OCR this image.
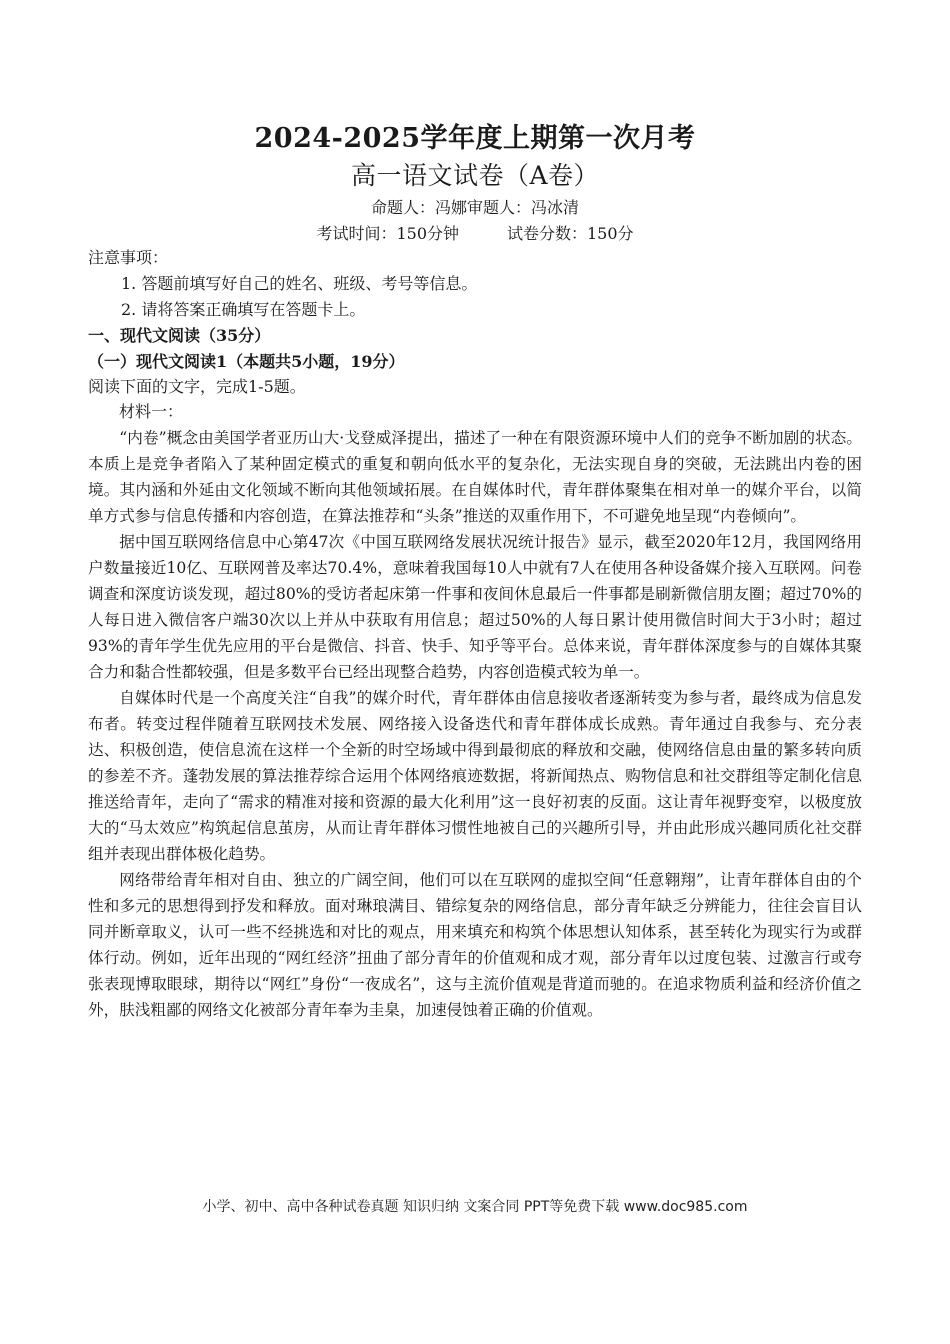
2024-2025学年度上期第一次月考
高一语文试卷（A卷）
命题人：冯娜审题人：冯冰清
考试时间：150分钟	试卷分数：150分
注意事项：
1. 答题前填写好自己的姓名、班级、考号等信息。
2. 请将答案正确填写在答题卡上。
一、现代文阅读（35分）
（一）现代文阅读1（本题共5小题，19分）
阅读下面的文字，完成1-5题。
材料一：

“内卷”概念由美国学者亚历山大·戈登威泽提出，描述了一种在有限资源环境中人们的竞争不断加剧的状态。本质上是竞争者陷入了某种固定模式的重复和朝向低水平的复杂化，无法实现自身的突破，无法跳出内卷的困境。其内涵和外延由文化领域不断向其他领域拓展。在自媒体时代，青年群体聚集在相对单一的媒介平台，以简单方式参与信息传播和内容创造，在算法推荐和“头条”推送的双重作用下，不可避免地呈现“内卷倾向”。

据中国互联网络信息中心第47次《中国互联网络发展状况统计报告》显示，截至2020年12月，我国网络用户数量接近10亿、互联网普及率达70.4%，意味着我国每10人中就有7人在使用各种设备媒介接入互联网。问卷调查和深度访谈发现，超过80%的受访者起床第一件事和夜间休息最后一件事都是刷新微信朋友圈；超过70%的人每日进入微信客户端30次以上并从中获取有用信息；超过50%的人每日累计使用微信时间大于3小时；超过93%的青年学生优先应用的平台是微信、抖音、快手、知乎等平台。总体来说，青年群体深度参与的自媒体其聚合力和黏合性都较强，但是多数平台已经出现整合趋势，内容创造模式较为单一。

自媒体时代是一个高度关注“自我”的媒介时代，青年群体由信息接收者逐渐转变为参与者，最终成为信息发布者。转变过程伴随着互联网技术发展、网络接入设备迭代和青年群体成长成熟。青年通过自我参与、充分表达、积极创造，使信息流在这样一个全新的时空场域中得到最彻底的释放和交融，使网络信息由量的繁多转向质的参差不齐。蓬勃发展的算法推荐综合运用个体网络痕迹数据，将新闻热点、购物信息和社交群组等定制化信息推送给青年，走向了“需求的精准对接和资源的最大化利用”这一良好初衷的反面。这让青年视野变窄，以极度放大的“马太效应”构筑起信息茧房，从而让青年群体习惯性地被自己的兴趣所引导，并由此形成兴趣同质化社交群组并表现出群体极化趋势。

网络带给青年相对自由、独立的广阔空间，他们可以在互联网的虚拟空间“任意翱翔”，让青年群体自由的个性和多元的思想得到抒发和释放。面对琳琅满目、错综复杂的网络信息，部分青年缺乏分辨能力，往往会盲目认同并断章取义，认可一些不经挑选和对比的观点，用来填充和构筑个体思想认知体系，甚至转化为现实行为或群体行动。例如，近年出现的“网红经济”扭曲了部分青年的价值观和成才观，部分青年以过度包装、过激言行或夸张表现博取眼球，期待以“网红”身份“一夜成名”，这与主流价值观是背道而驰的。在追求物质利益和经济价值之外，肤浅粗鄙的网络文化被部分青年奉为圭臬，加速侵蚀着正确的价值观。

小学、初中、高中各种试卷真题 知识归纳 文案合同 PPT等免费下载 www.doc985.com
